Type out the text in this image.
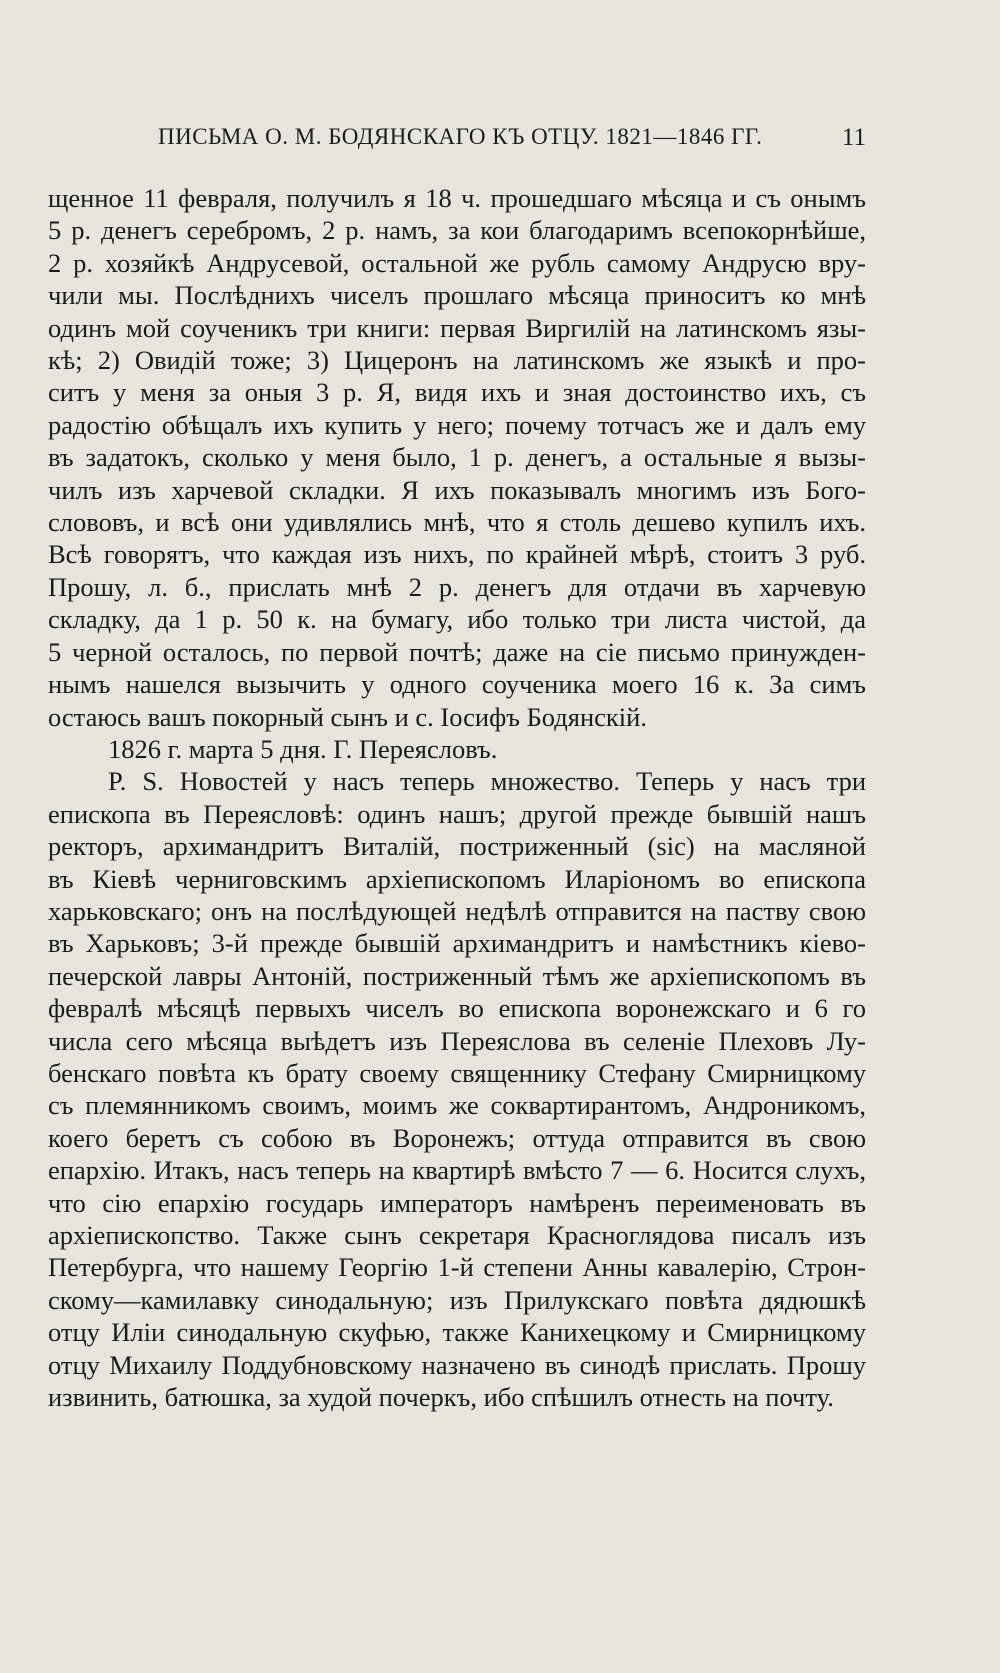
ПИСЬМА О. М. БОДЯНСКАГО КЪ ОТЦУ. 1821—1846 ГГ.	11
щенное 11 февраля, получилъ я 18 ч. прошедшаго мѣсяца и съ онымъ
5 р. денегъ серебромъ, 2 р. намъ, за кои благодаримъ всепокорнѣйше,
2 р. хозяйкѣ Андрусевой, остальной же рубль самому Андрусю вру-
чили мы. Послѣднихъ чиселъ прошлаго мѣсяца приноситъ ко мнѣ
одинъ мой соученикъ три книги: первая Виргилій на латинскомъ язы-
кѣ; 2) Овидій тоже; 3) Цицеронъ на латинскомъ же языкѣ и про-
ситъ у меня за оныя 3 р. Я, видя ихъ и зная достоинство ихъ, съ
радостію обѣщалъ ихъ купить у него; почему тотчасъ же и далъ ему
въ задатокъ, сколько у меня было, 1 р. денегъ, а остальные я вызы-
чилъ изъ харчевой складки. Я ихъ показывалъ многимъ изъ Бого-
слововъ, и всѣ они удивлялись мнѣ, что я столь дешево купилъ ихъ.
Всѣ говорятъ, что каждая изъ нихъ, по крайней мѣрѣ, стоитъ 3 руб.
Прошу, л. б., прислать мнѣ 2 р. денегъ для отдачи въ харчевую
складку, да 1 р. 50 к. на бумагу, ибо только три листа чистой, да
5 черной осталось, по первой почтѣ; даже на сіе письмо принужден-
нымъ нашелся вызычить у одного соученика моего 16 к. За симъ
остаюсь вашъ покорный сынъ и с. Іосифъ Бодянскій.
1826 г. марта 5 дня. Г. Переясловъ.
P. S. Новостей у насъ теперь множество. Теперь у насъ три
епископа въ Переясловѣ: одинъ нашъ; другой прежде бывшій нашъ
ректоръ, архимандритъ Виталій, постриженный (sic) на масляной
въ Кіевѣ черниговскимъ архіепископомъ Иларіономъ во епископа
харьковскаго; онъ на послѣдующей недѣлѣ отправится на паству свою
въ Харьковъ; 3-й прежде бывшій архимандритъ и намѣстникъ кіево-
печерской лавры Антоній, постриженный тѣмъ же архіепископомъ въ
февралѣ мѣсяцѣ первыхъ чиселъ во епископа воронежскаго и 6 го
числа сего мѣсяца выѣдетъ изъ Переяслова въ селеніе Плеховъ Лу-
бенскаго повѣта къ брату своему священнику Стефану Смирницкому
съ племянникомъ своимъ, моимъ же соквартирантомъ, Андроникомъ,
коего беретъ съ собою въ Воронежъ; оттуда отправится въ свою
епархію. Итакъ, насъ теперь на квартирѣ вмѣсто 7 — 6. Носится слухъ,
что сію епархію государь императоръ намѣренъ переименовать въ
архіепископство. Также сынъ секретаря Красноглядова писалъ изъ
Петербурга, что нашему Георгію 1-й степени Анны кавалерію, Строн-
скому—камилавку синодальную; изъ Прилукскаго повѣта дядюшкѣ
отцу Иліи синодальную скуфью, также Канихецкому и Смирницкому
отцу Михаилу Поддубновскому назначено въ синодѣ прислать. Прошу
извинить, батюшка, за худой почеркъ, ибо спѣшилъ отнесть на почту.
